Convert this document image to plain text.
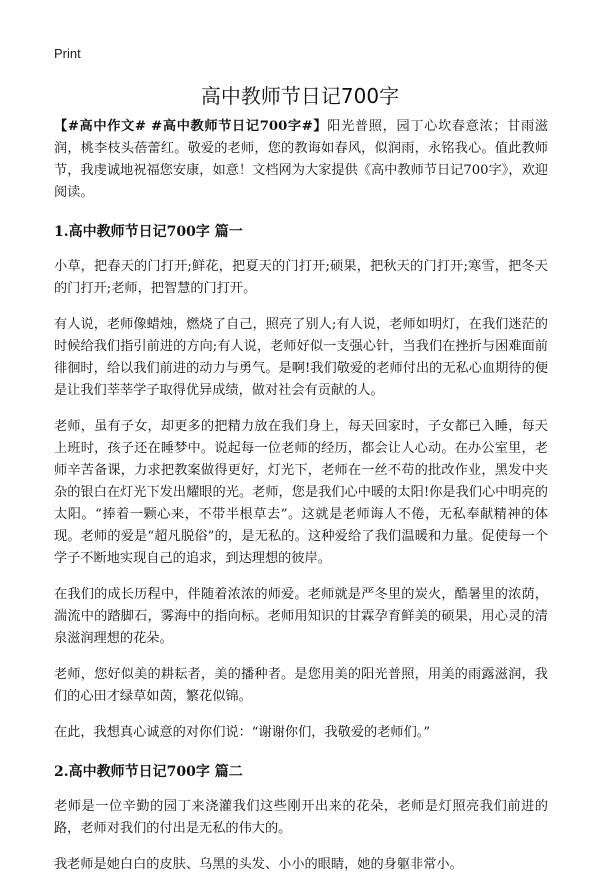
Print
高中教师节日记700字

【#高中作文# #高中教师节日记700字#】阳光普照，园丁心坎春意浓；甘雨滋润，桃李枝头蓓蕾红。敬爱的老师，您的教诲如春风，似润雨，永铭我心。值此教师节，我虔诚地祝福您安康，如意！文档网为大家提供《高中教师节日记700字》，欢迎阅读。

1.高中教师节日记700字 篇一

小草，把春天的门打开;鲜花，把夏天的门打开;硕果，把秋天的门打开;寒雪，把冬天的门打开;老师，把智慧的门打开。

有人说，老师像蜡烛，燃烧了自己，照亮了别人;有人说，老师如明灯，在我们迷茫的时候给我们指引前进的方向;有人说，老师好似一支强心针，当我们在挫折与困难面前徘徊时，给以我们前进的动力与勇气。是啊!我们敬爱的老师付出的无私心血期待的便是让我们莘莘学子取得优异成绩，做对社会有贡献的人。

老师，虽有子女，却更多的把精力放在我们身上，每天回家时，子女都已入睡，每天上班时，孩子还在睡梦中。说起每一位老师的经历，都会让人心动。在办公室里，老师辛苦备课，力求把教案做得更好，灯光下，老师在一丝不苟的批改作业，黑发中夹杂的银白在灯光下发出耀眼的光。老师，您是我们心中暖的太阳!你是我们心中明亮的太阳。“捧着一颗心来，不带半根草去”。这就是老师诲人不倦，无私奉献精神的体现。老师的爱是“超凡脱俗”的，是无私的。这种爱给了我们温暖和力量。促使每一个学子不断地实现自己的追求，到达理想的彼岸。

在我们的成长历程中，伴随着浓浓的师爱。老师就是严冬里的炭火，酷暑里的浓荫，湍流中的踏脚石，雾海中的指向标。老师用知识的甘霖孕育鲜美的硕果，用心灵的清泉滋润理想的花朵。

老师，您好似美的耕耘者，美的播种者。是您用美的阳光普照，用美的雨露滋润，我们的心田才绿草如茵，繁花似锦。

在此，我想真心诚意的对你们说：“谢谢你们，我敬爱的老师们。”

2.高中教师节日记700字 篇二

老师是一位辛勤的园丁来浇灌我们这些刚开出来的花朵，老师是灯照亮我们前进的路，老师对我们的付出是无私的伟大的。

我老师是她白白的皮肤、乌黑的头发、小小的眼睛，她的身躯非常小。
